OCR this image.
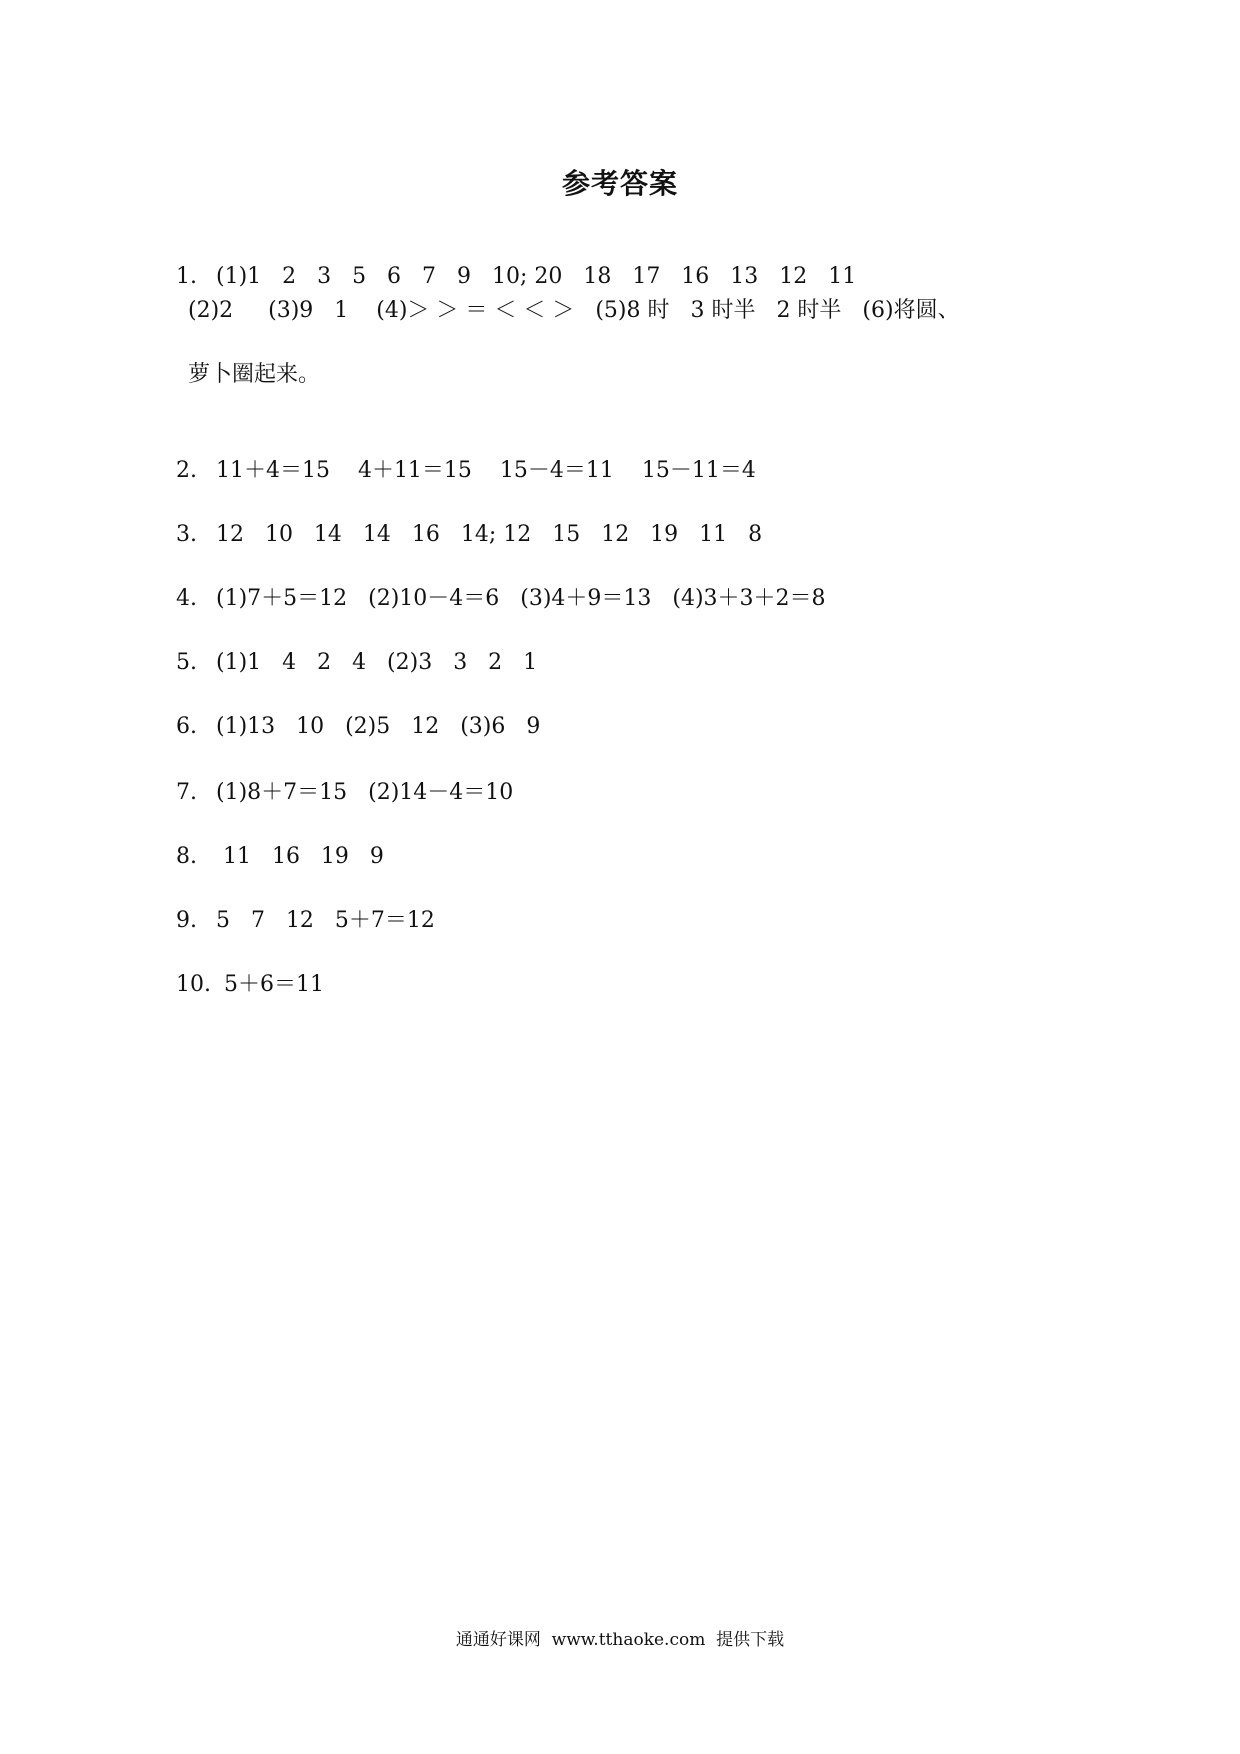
参考答案

1. (1)1   2   3   5   6   7   9   10; 20   18   17   16   13   12   11

(2)2     (3)9   1    (4)＞ ＞ ＝ ＜ ＜ ＞   (5)8 时   3 时半   2 时半   (6)将圆、
萝卜圈起来。

2. 11＋4＝15    4＋11＝15    15－4＝11    15－11＝4

3. 12   10   14   14   16   14; 12   15   12   19   11   8

4. (1)7＋5＝12   (2)10－4＝6   (3)4＋9＝13   (4)3＋3＋2＝8

5. (1)1   4   2   4   (2)3   3   2   1

6. (1)13   10   (2)5   12   (3)6   9

7. (1)8＋7＝15   (2)14－4＝10

8. 11   16   19   9

9. 5   7   12   5＋7＝12

10. 5＋6＝11

通通好课网  www.tthaoke.com  提供下载
